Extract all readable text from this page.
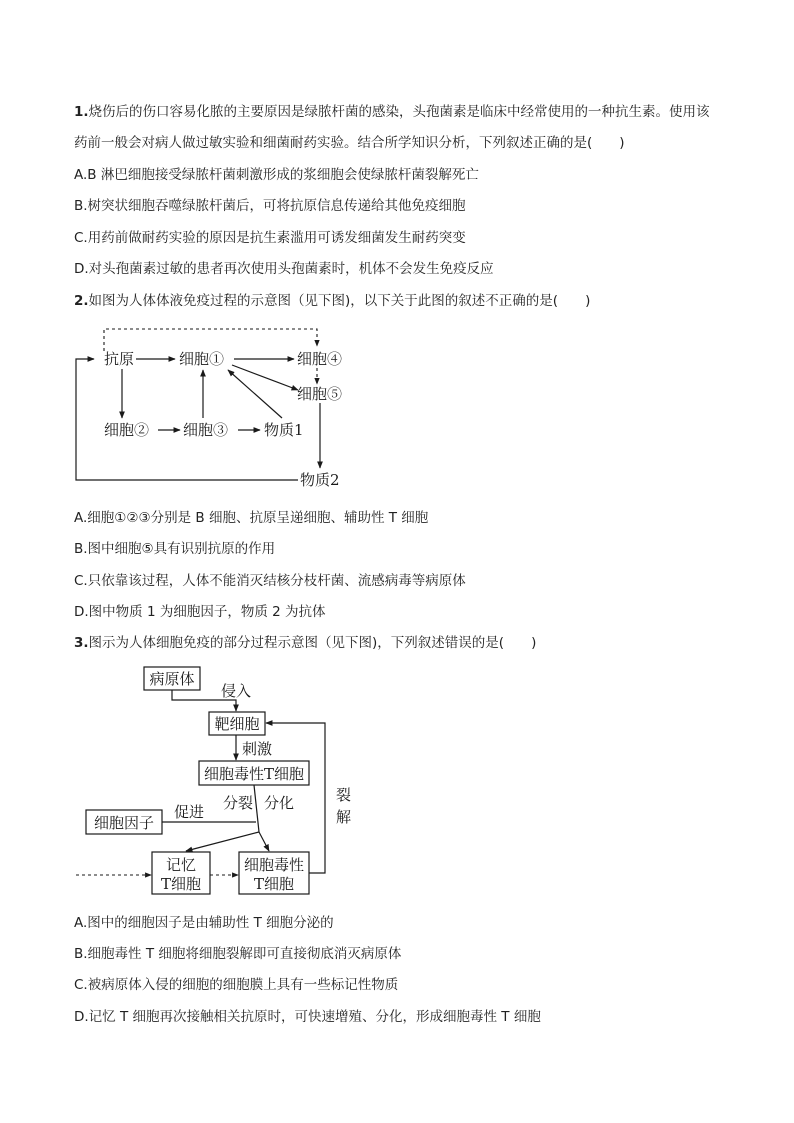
1.烧伤后的伤口容易化脓的主要原因是绿脓杆菌的感染，头孢菌素是临床中经常使用的一种抗生素。使用该
药前一般会对病人做过敏实验和细菌耐药实验。结合所学知识分析，下列叙述正确的是(　　)
A.B 淋巴细胞接受绿脓杆菌刺激形成的浆细胞会使绿脓杆菌裂解死亡
B.树突状细胞吞噬绿脓杆菌后，可将抗原信息传递给其他免疫细胞
C.用药前做耐药实验的原因是抗生素滥用可诱发细菌发生耐药突变
D.对头孢菌素过敏的患者再次使用头孢菌素时，机体不会发生免疫反应
2.如图为人体体液免疫过程的示意图（见下图)，以下关于此图的叙述不正确的是(　　)
抗原	细胞①	细胞④
细胞⑤
细胞② 细胞③ 物质1
物质2
A.细胞①②③分别是 B 细胞、抗原呈递细胞、辅助性 T 细胞
B.图中细胞⑤具有识别抗原的作用
C.只依靠该过程，人体不能消灭结核分枝杆菌、流感病毒等病原体
D.图中物质 1 为细胞因子，物质 2 为抗体
3.图示为人体细胞免疫的部分过程示意图（见下图)，下列叙述错误的是(　　)
病原体
侵入
靶细胞
刺激
细胞毒性T细胞
细胞因子
促进 分裂 分化
记忆
T细胞
细胞毒性
T细胞
裂
解
A.图中的细胞因子是由辅助性 T 细胞分泌的
B.细胞毒性 T 细胞将细胞裂解即可直接彻底消灭病原体
C.被病原体入侵的细胞的细胞膜上具有一些标记性物质
D.记忆 T 细胞再次接触相关抗原时，可快速增殖、分化，形成细胞毒性 T 细胞
